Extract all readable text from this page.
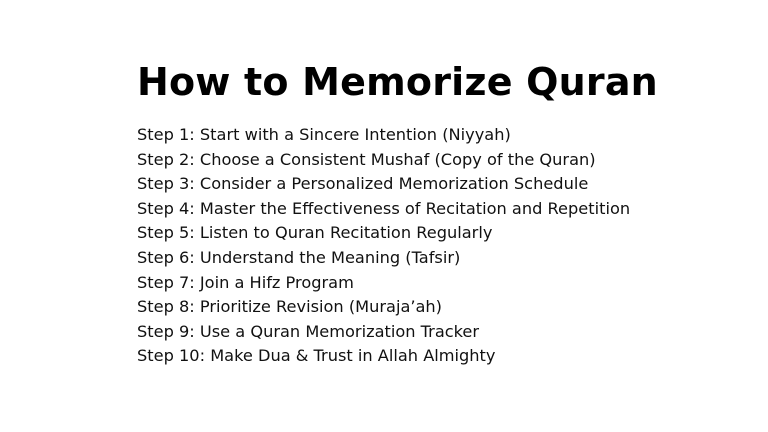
How to Memorize Quran
Step 1: Start with a Sincere Intention (Niyyah)
Step 2: Choose a Consistent Mushaf (Copy of the Quran)
Step 3: Consider a Personalized Memorization Schedule
Step 4: Master the Effectiveness of Recitation and Repetition
Step 5: Listen to Quran Recitation Regularly
Step 6: Understand the Meaning (Tafsir)
Step 7: Join a Hifz Program
Step 8: Prioritize Revision (Muraja’ah)
Step 9: Use a Quran Memorization Tracker
Step 10: Make Dua & Trust in Allah Almighty
